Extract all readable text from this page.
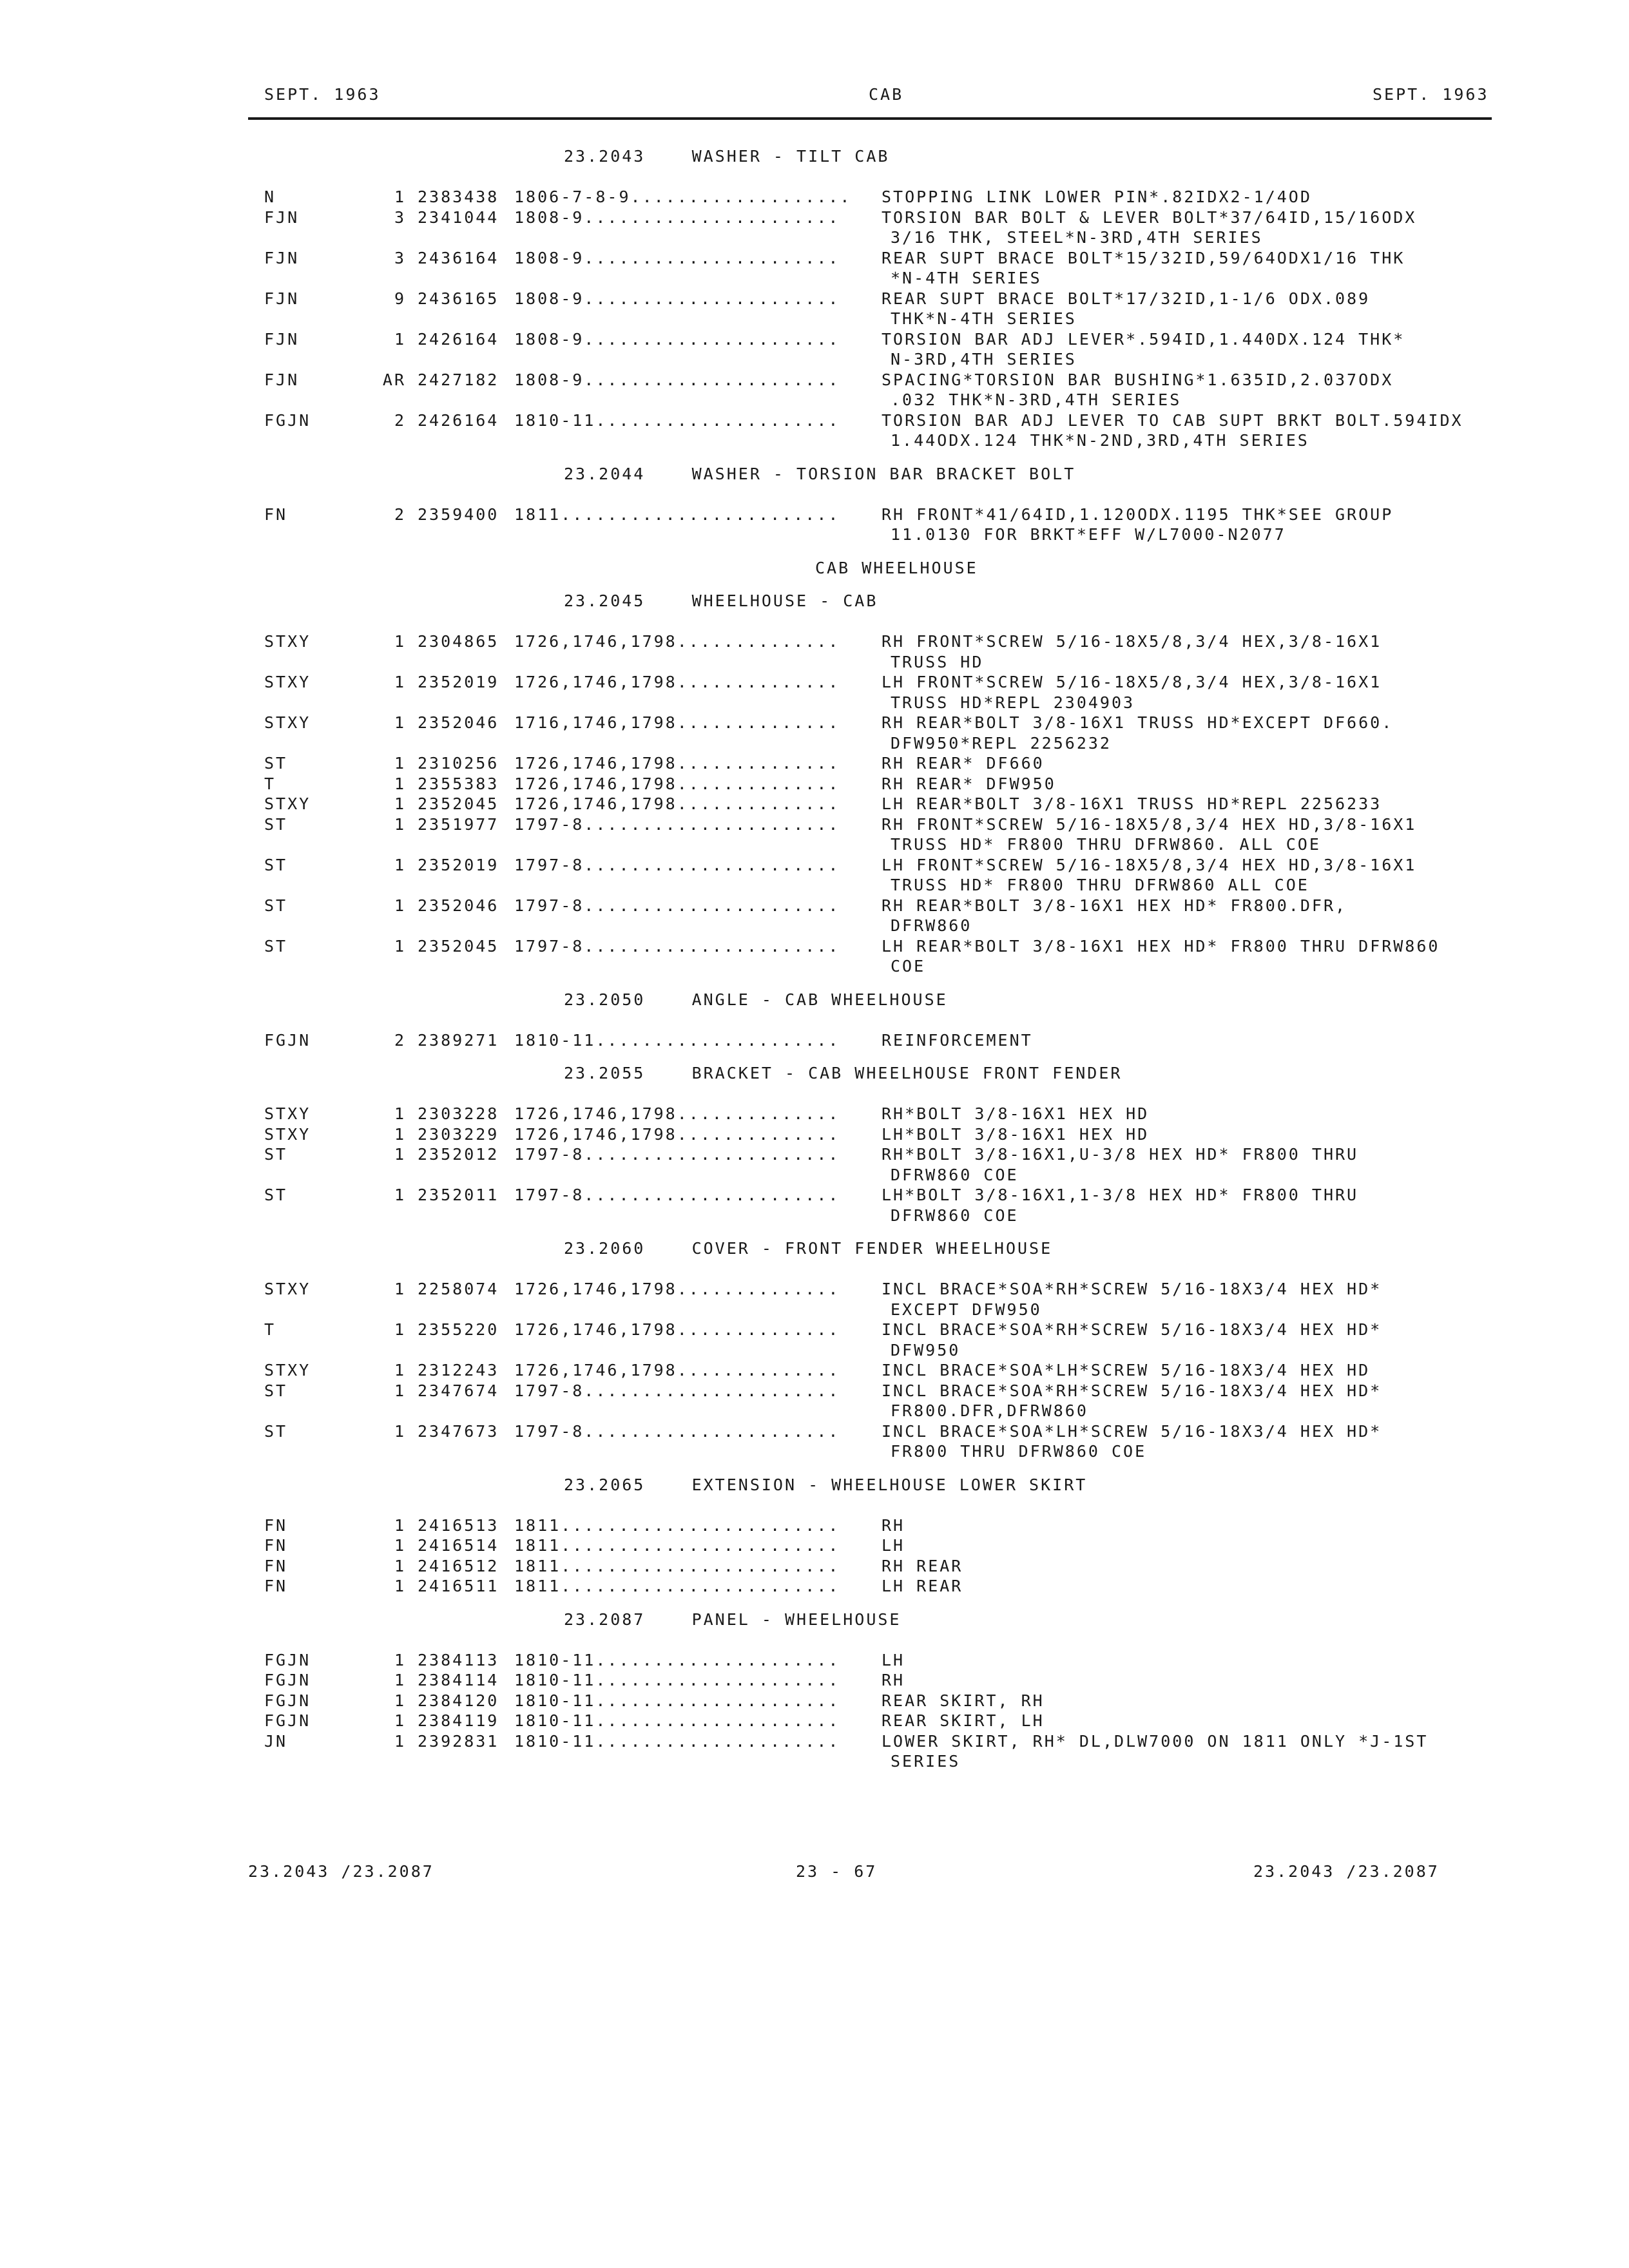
SEPT. 1963	CAB	SEPT. 1963
23.2043    WASHER - TILT CAB
N	1 2383438 1806-7-8-9................... STOPPING LINK LOWER PIN*.82IDX2-1/4OD
FJN	3 2341044 1808-9......................	TORSION BAR BOLT & LEVER BOLT*37/64ID,15/16ODX
3/16 THK, STEEL*N-3RD,4TH SERIES
FJN	3 2436164 1808-9......................	REAR SUPT BRACE BOLT*15/32ID,59/64ODX1/16 THK
*N-4TH SERIES
FJN	9 2436165 1808-9......................	REAR SUPT BRACE BOLT*17/32ID,1-1/6 ODX.089
THK*N-4TH SERIES
FJN	1 2426164 1808-9......................	TORSION BAR ADJ LEVER*.594ID,1.440DX.124 THK*
N-3RD,4TH SERIES
FJN	AR 2427182 1808-9......................	SPACING*TORSION BAR BUSHING*1.635ID,2.037ODX
.032 THK*N-3RD,4TH SERIES
FGJN	2 2426164 1810-11.....................	TORSION BAR ADJ LEVER TO CAB SUPT BRKT BOLT.594IDX
1.44ODX.124 THK*N-2ND,3RD,4TH SERIES
23.2044    WASHER - TORSION BAR BRACKET BOLT
FN	2 2359400 1811........................	RH FRONT*41/64ID,1.120ODX.1195 THK*SEE GROUP
11.0130 FOR BRKT*EFF W/L7000-N2077
CAB WHEELHOUSE
23.2045    WHEELHOUSE - CAB
STXY	1 2304865 1726,1746,1798..............	RH FRONT*SCREW 5/16-18X5/8,3/4 HEX,3/8-16X1
TRUSS HD
STXY	1 2352019 1726,1746,1798..............	LH FRONT*SCREW 5/16-18X5/8,3/4 HEX,3/8-16X1
TRUSS HD*REPL 2304903
STXY	1 2352046 1716,1746,1798..............	RH REAR*BOLT 3/8-16X1 TRUSS HD*EXCEPT DF660.
DFW950*REPL 2256232
ST	1 2310256 1726,1746,1798..............	RH REAR* DF660
T	1 2355383 1726,1746,1798..............	RH REAR* DFW950
STXY	1 2352045 1726,1746,1798..............	LH REAR*BOLT 3/8-16X1 TRUSS HD*REPL 2256233
ST	1 2351977 1797-8......................	RH FRONT*SCREW 5/16-18X5/8,3/4 HEX HD,3/8-16X1
TRUSS HD* FR800 THRU DFRW860. ALL COE
ST	1 2352019 1797-8......................	LH FRONT*SCREW 5/16-18X5/8,3/4 HEX HD,3/8-16X1
TRUSS HD* FR800 THRU DFRW860 ALL COE
ST	1 2352046 1797-8......................	RH REAR*BOLT 3/8-16X1 HEX HD* FR800.DFR,
DFRW860
ST	1 2352045 1797-8......................	LH REAR*BOLT 3/8-16X1 HEX HD* FR800 THRU DFRW860
COE
23.2050    ANGLE - CAB WHEELHOUSE
FGJN	2 2389271 1810-11.....................	REINFORCEMENT
23.2055    BRACKET - CAB WHEELHOUSE FRONT FENDER
STXY	1 2303228 1726,1746,1798..............	RH*BOLT 3/8-16X1 HEX HD
STXY	1 2303229 1726,1746,1798..............	LH*BOLT 3/8-16X1 HEX HD
ST	1 2352012 1797-8......................	RH*BOLT 3/8-16X1,U-3/8 HEX HD* FR800 THRU
DFRW860 COE
ST	1 2352011 1797-8......................	LH*BOLT 3/8-16X1,1-3/8 HEX HD* FR800 THRU
DFRW860 COE
23.2060    COVER - FRONT FENDER WHEELHOUSE
STXY	1 2258074 1726,1746,1798..............	INCL BRACE*SOA*RH*SCREW 5/16-18X3/4 HEX HD*
EXCEPT DFW950
T	1 2355220 1726,1746,1798..............	INCL BRACE*SOA*RH*SCREW 5/16-18X3/4 HEX HD*
DFW950
STXY	1 2312243 1726,1746,1798..............	INCL BRACE*SOA*LH*SCREW 5/16-18X3/4 HEX HD
ST	1 2347674 1797-8......................	INCL BRACE*SOA*RH*SCREW 5/16-18X3/4 HEX HD*
FR800.DFR,DFRW860
ST	1 2347673 1797-8......................	INCL BRACE*SOA*LH*SCREW 5/16-18X3/4 HEX HD*
FR800 THRU DFRW860 COE
23.2065    EXTENSION - WHEELHOUSE LOWER SKIRT
FN	1 2416513 1811........................	RH
FN	1 2416514 1811........................	LH
FN	1 2416512 1811........................	RH REAR
FN	1 2416511 1811........................	LH REAR
23.2087    PANEL - WHEELHOUSE
FGJN	1 2384113 1810-11.....................	LH
FGJN	1 2384114 1810-11.....................	RH
FGJN	1 2384120 1810-11.....................	REAR SKIRT, RH
FGJN	1 2384119 1810-11.....................	REAR SKIRT, LH
JN	1 2392831 1810-11.....................	LOWER SKIRT, RH* DL,DLW7000 ON 1811 ONLY *J-1ST
SERIES
23.2043 /23.2087	23 - 67	23.2043 /23.2087
